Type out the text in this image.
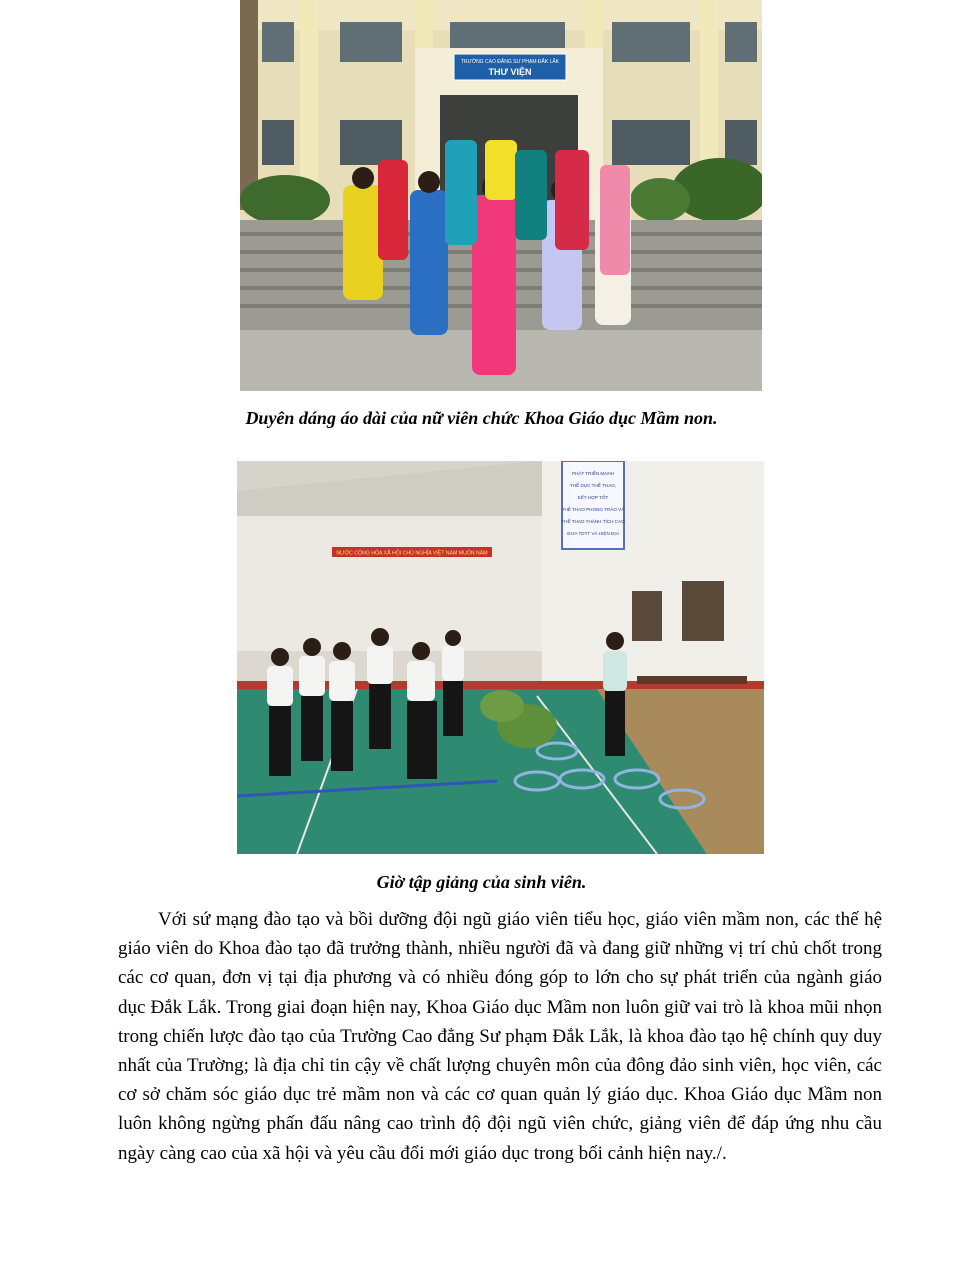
TRƯỜNG CAO ĐẲNG SƯ PHẠM ĐẮK LẮK
THƯ VIỆN
Duyên dáng áo dài của nữ viên chức Khoa Giáo dục Mầm non.
NƯỚC CỘNG HÒA XÃ HỘI CHỦ NGHĨA VIỆT NAM MUÔN NĂM
PHÁT TRIỂN MẠNH
THỂ DỤC THỂ THAO,
KẾT HỢP TỐT
THỂ THAO PHONG TRÀO VÀ
THỂ THAO THÀNH TÍCH CAO
ĐƯA TDTT VÀ HIỆN ĐẠI
Giờ tập giảng của sinh viên.

Với sứ mạng đào tạo và bồi dưỡng đội ngũ giáo viên tiểu học, giáo viên mầm non, các thế hệ giáo viên do Khoa đào tạo đã trưởng thành, nhiều người đã và đang giữ những vị trí chủ chốt trong các cơ quan, đơn vị tại địa phương và có nhiều đóng góp to lớn cho sự phát triển của ngành giáo dục Đắk Lắk. Trong giai đoạn hiện nay, Khoa Giáo dục Mầm non luôn giữ vai trò là khoa mũi nhọn trong chiến lược đào tạo của Trường Cao đẳng Sư phạm Đắk Lắk, là khoa đào tạo hệ chính quy duy nhất của Trường; là địa chỉ tin cậy về chất lượng chuyên môn của đông đảo sinh viên, học viên, các cơ sở chăm sóc giáo dục trẻ mầm non và các cơ quan quản lý giáo dục. Khoa Giáo dục Mầm non luôn không ngừng phấn đấu nâng cao trình độ đội ngũ viên chức, giảng viên để đáp ứng nhu cầu ngày càng cao của xã hội và yêu cầu đổi mới giáo dục trong bối cảnh hiện nay./.
